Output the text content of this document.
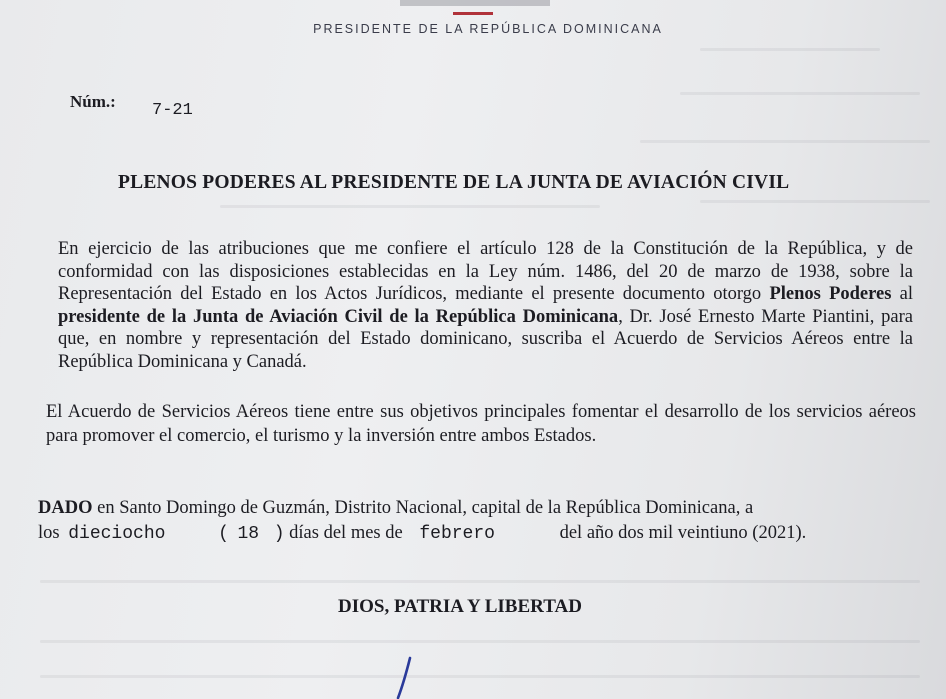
PRESIDENTE DE LA REPÚBLICA DOMINICANA
Núm.: 7-21
PLENOS PODERES AL PRESIDENTE DE LA JUNTA DE AVIACIÓN CIVIL
En ejercicio de las atribuciones que me confiere el artículo 128 de la Constitución de la República, y de conformidad con las disposiciones establecidas en la Ley núm. 1486, del 20 de marzo de 1938, sobre la Representación del Estado en los Actos Jurídicos, mediante el presente documento otorgo Plenos Poderes al presidente de la Junta de Aviación Civil de la República Dominicana, Dr. José Ernesto Marte Piantini, para que, en nombre y representación del Estado dominicano, suscriba el Acuerdo de Servicios Aéreos entre la República Dominicana y Canadá.
El Acuerdo de Servicios Aéreos tiene entre sus objetivos principales fomentar el desarrollo de los servicios aéreos para promover el comercio, el turismo y la inversión entre ambos Estados.
DADO en Santo Domingo de Guzmán, Distrito Nacional, capital de la República Dominicana, a
los dieciocho	( 18 ) días del mes de febrero	del año dos mil veintiuno (2021).
DIOS, PATRIA Y LIBERTAD
